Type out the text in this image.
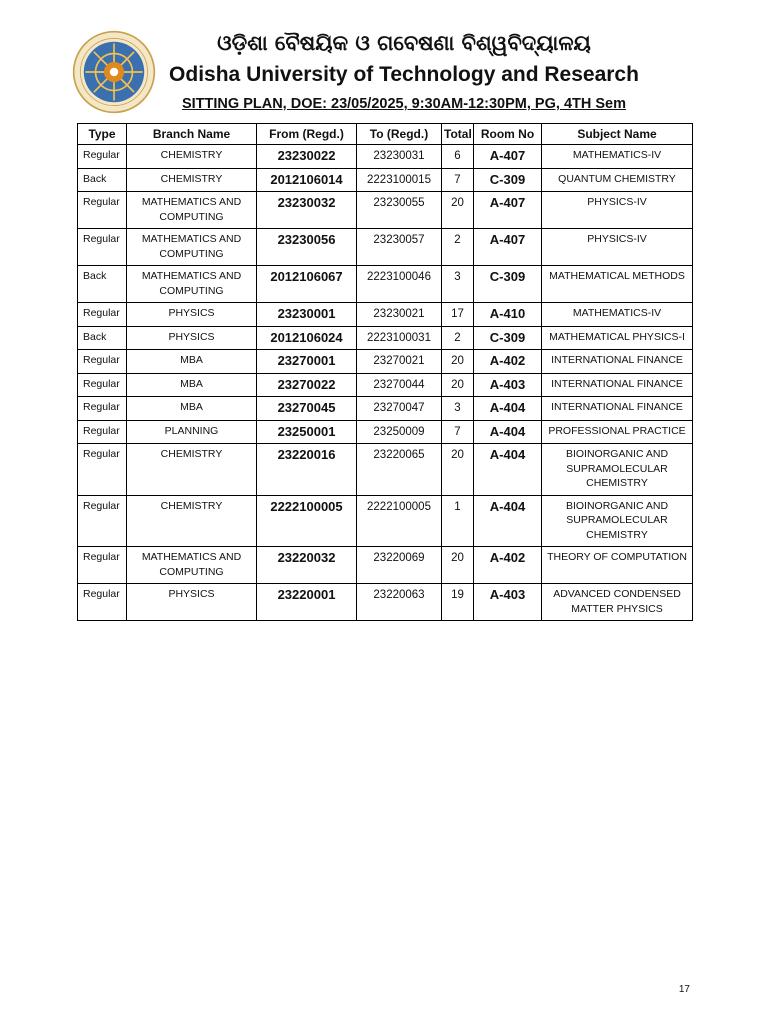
ଓଡ଼ିଶା ବୈଷୟିକ ଓ ଗବେଷଣା ବିଶ୍ୱବିଦ୍ୟାଳୟ
Odisha University of Technology and Research
SITTING PLAN, DOE: 23/05/2025, 9:30AM-12:30PM, PG, 4TH Sem
Type	Branch Name	From (Regd.)	To (Regd.)	Total	Room No	Subject Name
Regular	CHEMISTRY	23230022	23230031	6	A-407	MATHEMATICS-IV
Back	CHEMISTRY	2012106014	2223100015	7	C-309	QUANTUM CHEMISTRY
Regular	MATHEMATICS AND COMPUTING	23230032	23230055	20	A-407	PHYSICS-IV
Regular	MATHEMATICS AND COMPUTING	23230056	23230057	2	A-407	PHYSICS-IV
Back	MATHEMATICS AND COMPUTING	2012106067	2223100046	3	C-309	MATHEMATICAL METHODS
Regular	PHYSICS	23230001	23230021	17	A-410	MATHEMATICS-IV
Back	PHYSICS	2012106024	2223100031	2	C-309	MATHEMATICAL PHYSICS-I
Regular	MBA	23270001	23270021	20	A-402	INTERNATIONAL FINANCE
Regular	MBA	23270022	23270044	20	A-403	INTERNATIONAL FINANCE
Regular	MBA	23270045	23270047	3	A-404	INTERNATIONAL FINANCE
Regular	PLANNING	23250001	23250009	7	A-404	PROFESSIONAL PRACTICE
Regular	CHEMISTRY	23220016	23220065	20	A-404	BIOINORGANIC AND SUPRAMOLECULAR CHEMISTRY
Regular	CHEMISTRY	2222100005	2222100005	1	A-404	BIOINORGANIC AND SUPRAMOLECULAR CHEMISTRY
Regular	MATHEMATICS AND COMPUTING	23220032	23220069	20	A-402	THEORY OF COMPUTATION
Regular	PHYSICS	23220001	23220063	19	A-403	ADVANCED CONDENSED MATTER PHYSICS
17
